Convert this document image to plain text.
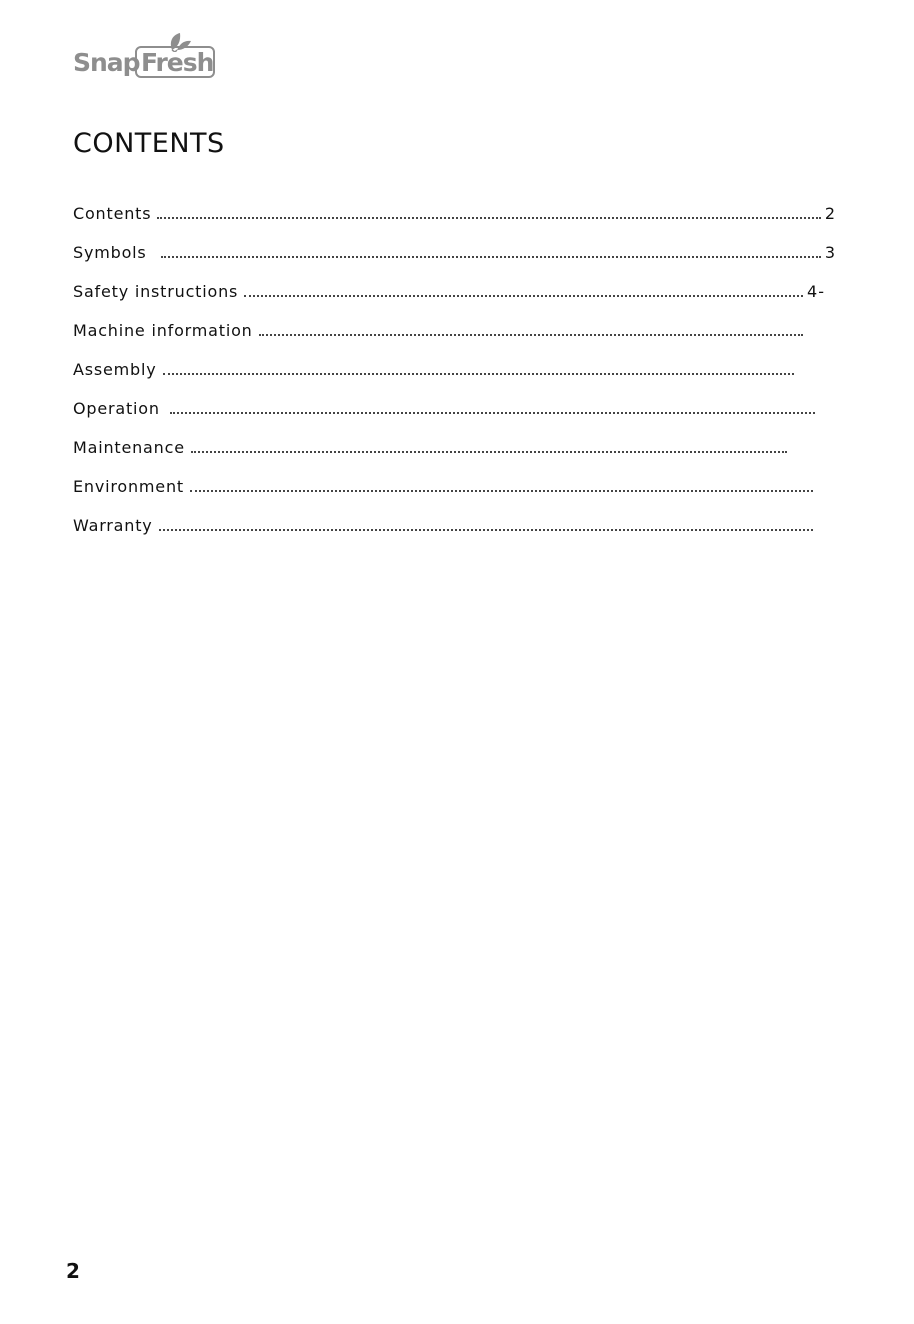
Snap Fresh
CONTENTS
Contents	2
Symbols	3
Safety instructions	4-
Machine information
Assembly
Operation
Maintenance
Environment
Warranty
2
